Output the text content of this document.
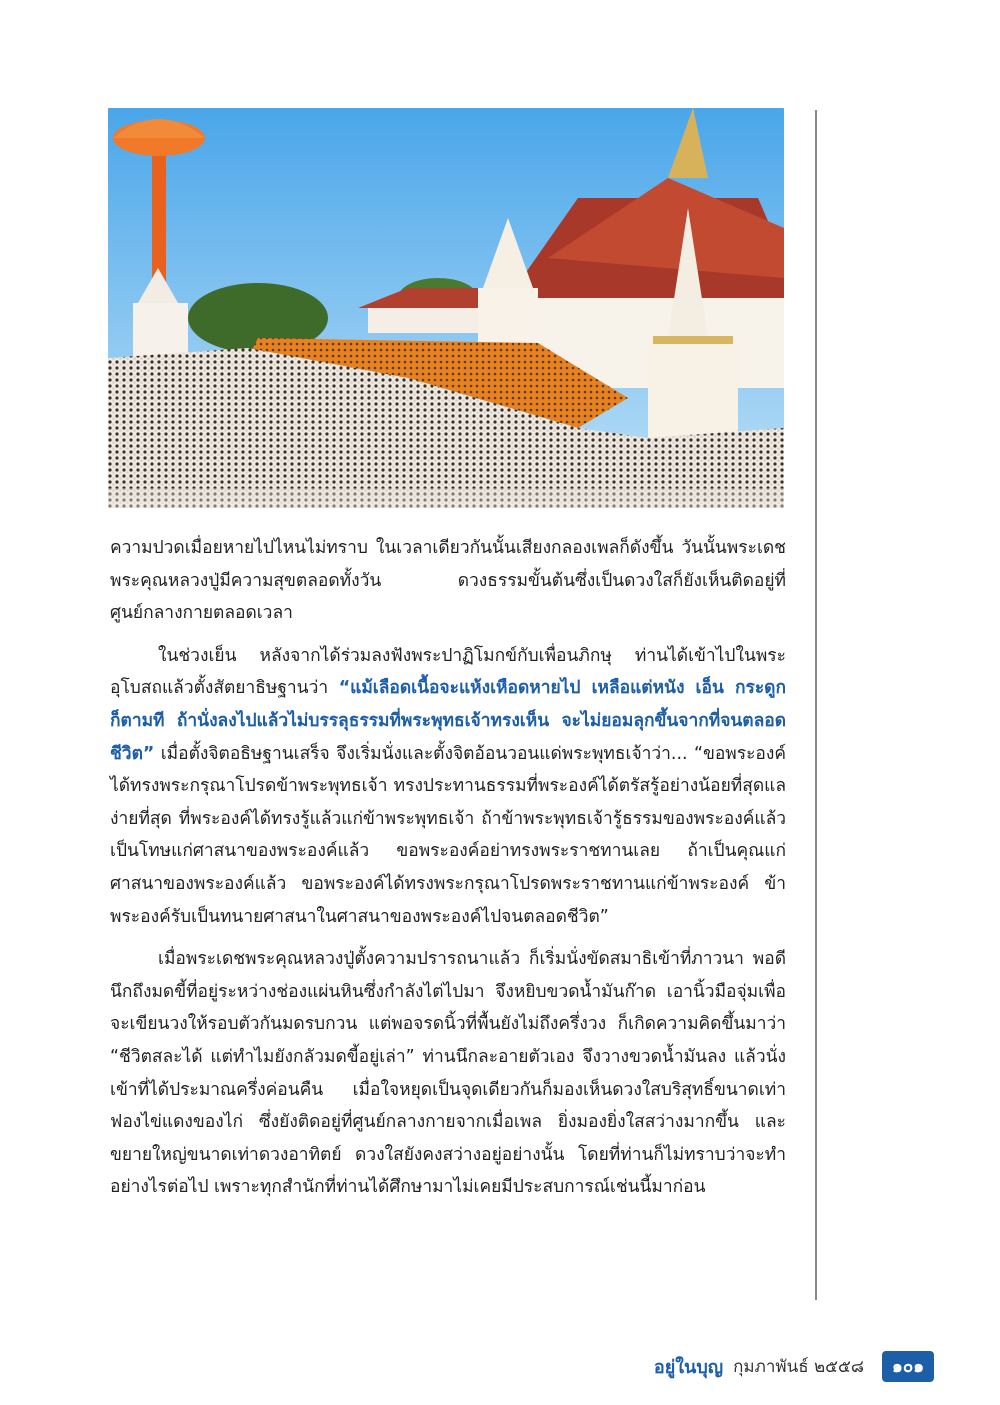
ความปวดเมื่อยหายไปไหนไม่ทราบ ในเวลาเดียวกันนั้นเสียงกลองเพลก็ดังขึ้น วันนั้นพระเดชพระคุณหลวงปู่มีความสุขตลอดทั้งวัน ดวงธรรมขั้นต้นซึ่งเป็นดวงใสก็ยังเห็นติดอยู่ที่ศูนย์กลางกายตลอดเวลา

ในช่วงเย็น หลังจากได้ร่วมลงฟังพระปาฏิโมกข์กับเพื่อนภิกษุ ท่านได้เข้าไปในพระอุโบสถแล้วตั้งสัตยาธิษฐานว่า “แม้เลือดเนื้อจะแห้งเหือดหายไป เหลือแต่หนัง เอ็น กระดูก ก็ตามที ถ้านั่งลงไปแล้วไม่บรรลุธรรมที่พระพุทธเจ้าทรงเห็น จะไม่ยอมลุกขึ้นจากที่จนตลอดชีวิต” เมื่อตั้งจิตอธิษฐานเสร็จ จึงเริ่มนั่งและตั้งจิตอ้อนวอนแด่พระพุทธเจ้าว่า... “ขอพระองค์ได้ทรงพระกรุณาโปรดข้าพระพุทธเจ้า ทรงประทานธรรมที่พระองค์ได้ตรัสรู้อย่างน้อยที่สุดแลง่ายที่สุด ที่พระองค์ได้ทรงรู้แล้วแก่ข้าพระพุทธเจ้า ถ้าข้าพระพุทธเจ้ารู้ธรรมของพระองค์แล้วเป็นโทษแก่ศาสนาของพระองค์แล้ว ขอพระองค์อย่าทรงพระราชทานเลย ถ้าเป็นคุณแก่ศาสนาของพระองค์แล้ว ขอพระองค์ได้ทรงพระกรุณาโปรดพระราชทานแก่ข้าพระองค์ ข้าพระองค์รับเป็นทนายศาสนาในศาสนาของพระองค์ไปจนตลอดชีวิต”

เมื่อพระเดชพระคุณหลวงปู่ตั้งความปรารถนาแล้ว ก็เริ่มนั่งขัดสมาธิเข้าที่ภาวนา พอดีนึกถึงมดขี้ที่อยู่ระหว่างช่องแผ่นหินซึ่งกำลังไต่ไปมา จึงหยิบขวดน้ำมันก๊าด เอานิ้วมือจุ่มเพื่อจะเขียนวงให้รอบตัวกันมดรบกวน แต่พอจรดนิ้วที่พื้นยังไม่ถึงครึ่งวง ก็เกิดความคิดขึ้นมาว่า “ชีวิตสละได้ แต่ทำไมยังกลัวมดขี้อยู่เล่า” ท่านนึกละอายตัวเอง จึงวางขวดน้ำมันลง แล้วนั่งเข้าที่ได้ประมาณครึ่งค่อนคืน เมื่อใจหยุดเป็นจุดเดียวกันก็มองเห็นดวงใสบริสุทธิ์ขนาดเท่าฟองไข่แดงของไก่ ซึ่งยังติดอยู่ที่ศูนย์กลางกายจากเมื่อเพล ยิ่งมองยิ่งใสสว่างมากขึ้น และขยายใหญ่ขนาดเท่าดวงอาทิตย์ ดวงใสยังคงสว่างอยู่อย่างนั้น โดยที่ท่านก็ไม่ทราบว่าจะทำอย่างไรต่อไป เพราะทุกสำนักที่ท่านได้ศึกษามาไม่เคยมีประสบการณ์เช่นนี้มาก่อน

อยู่ในบุญ กุมภาพันธ์ ๒๕๕๘	๑๐๑
